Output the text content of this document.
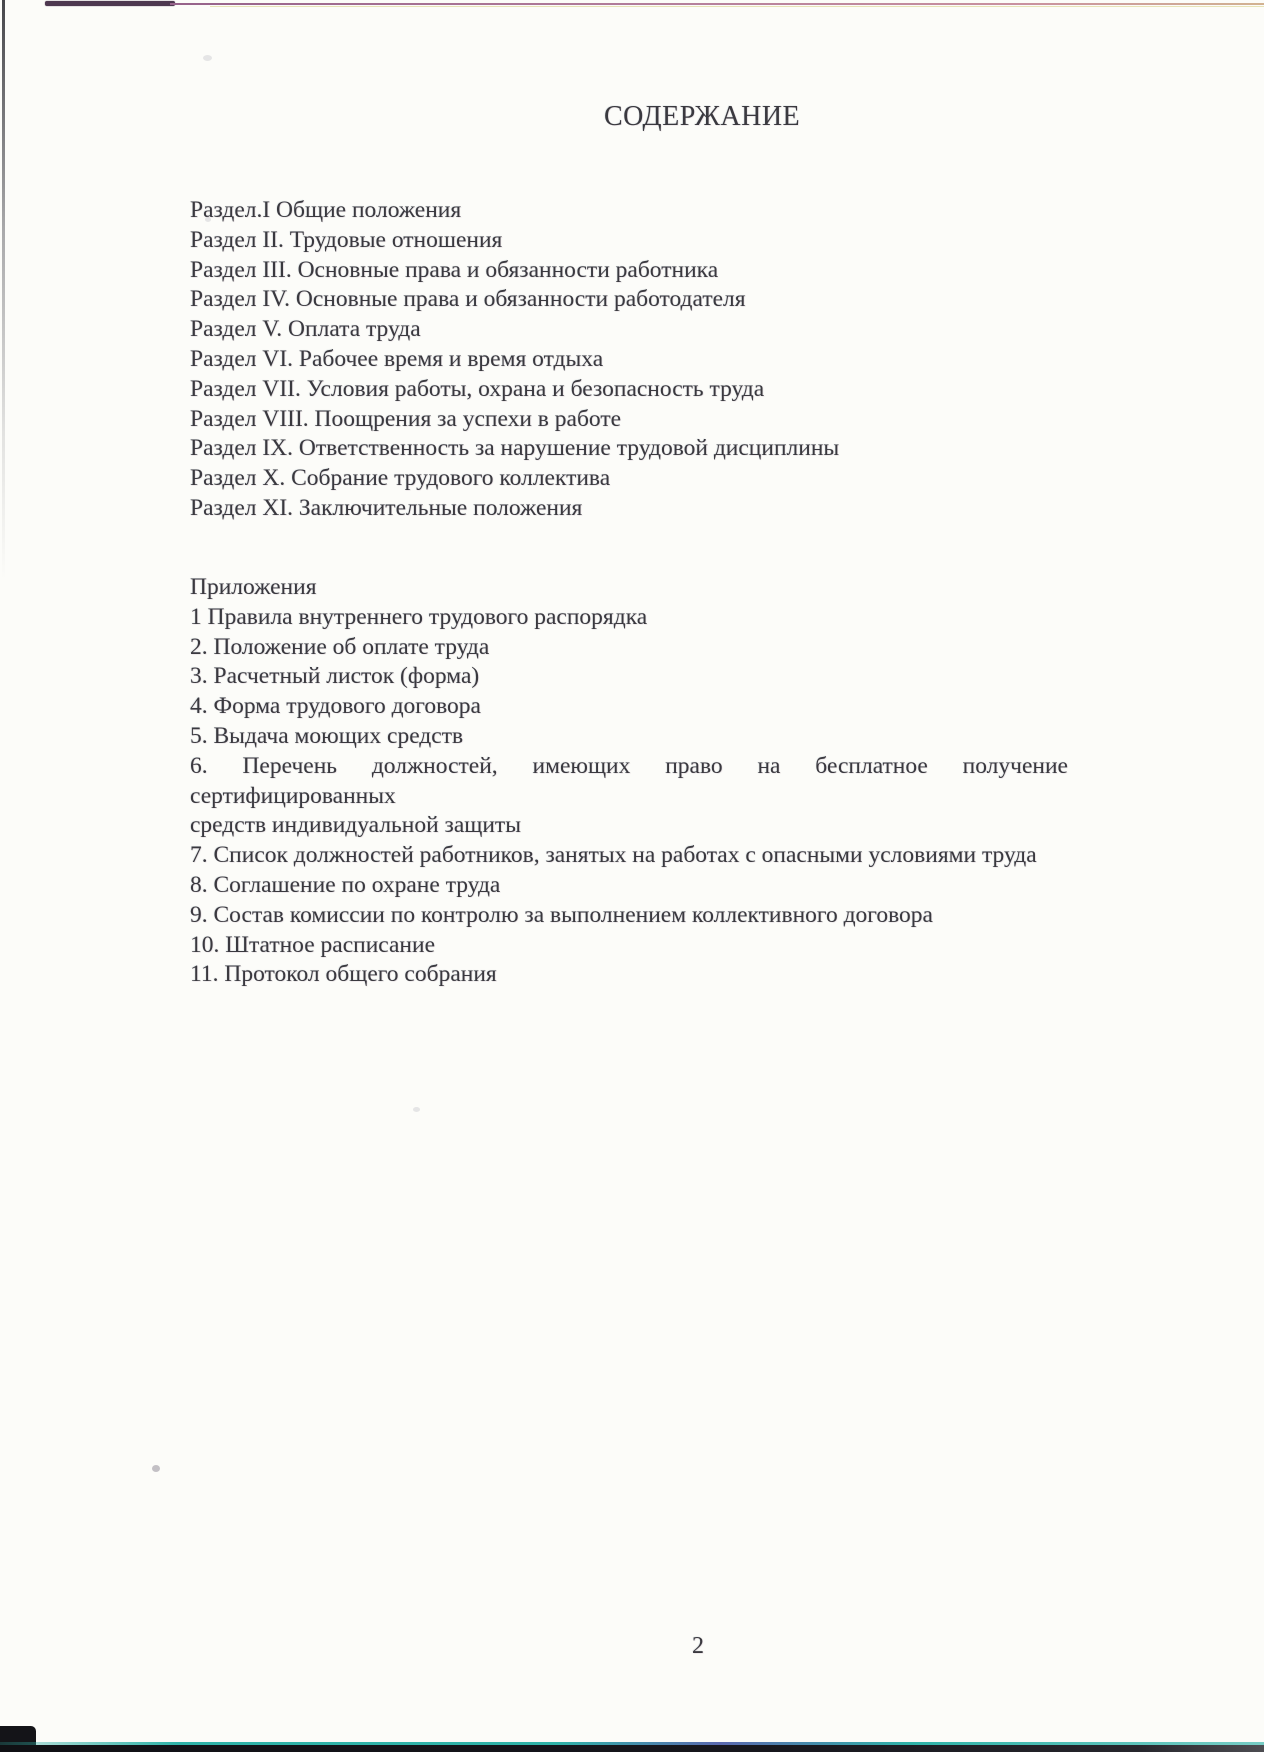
СОДЕРЖАНИЕ
Раздел.I Общие положения
Раздел II. Трудовые отношения
Раздел III. Основные права и обязанности работника
Раздел IV. Основные права и обязанности работодателя
Раздел V. Оплата труда
Раздел VI. Рабочее время и время отдыха
Раздел VII. Условия работы, охрана и безопасность труда
Раздел VIII. Поощрения за успехи в работе
Раздел IX. Ответственность за нарушение трудовой дисциплины
Раздел X. Собрание трудового коллектива
Раздел XI. Заключительные положения
Приложения
1 Правила внутреннего трудового распорядка
2. Положение об оплате труда
3. Расчетный листок (форма)
4. Форма трудового договора
5. Выдача моющих средств
6. Перечень должностей, имеющих право на бесплатное получение сертифицированных
средств индивидуальной защиты
7. Список должностей работников, занятых на работах с опасными условиями труда
8. Соглашение по охране труда
9. Состав комиссии по контролю за выполнением коллективного договора
10. Штатное расписание
11. Протокол общего собрания
2
